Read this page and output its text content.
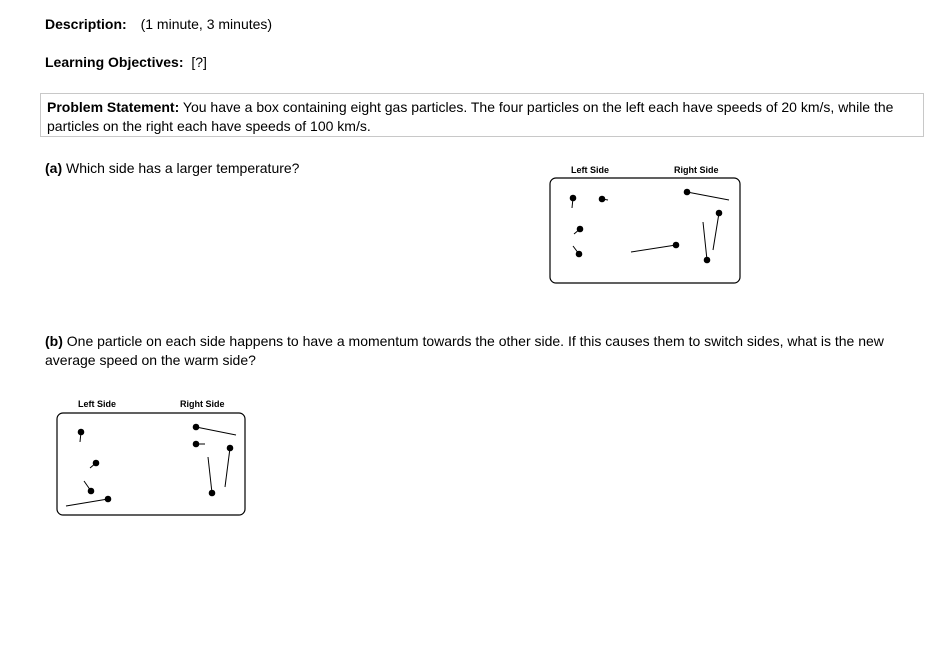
Description: (1 minute, 3 minutes)
Learning Objectives: [?]
Problem Statement: You have a box containing eight gas particles. The four particles on the left each have speeds of 20 km/s, while the particles on the right each have speeds of 100 km/s.
(a) Which side has a larger temperature?	Left Side	Right Side
(b) One particle on each side happens to have a momentum towards the other side. If this causes them to switch sides, what is the new average speed on the warm side?
Left Side	Right Side
